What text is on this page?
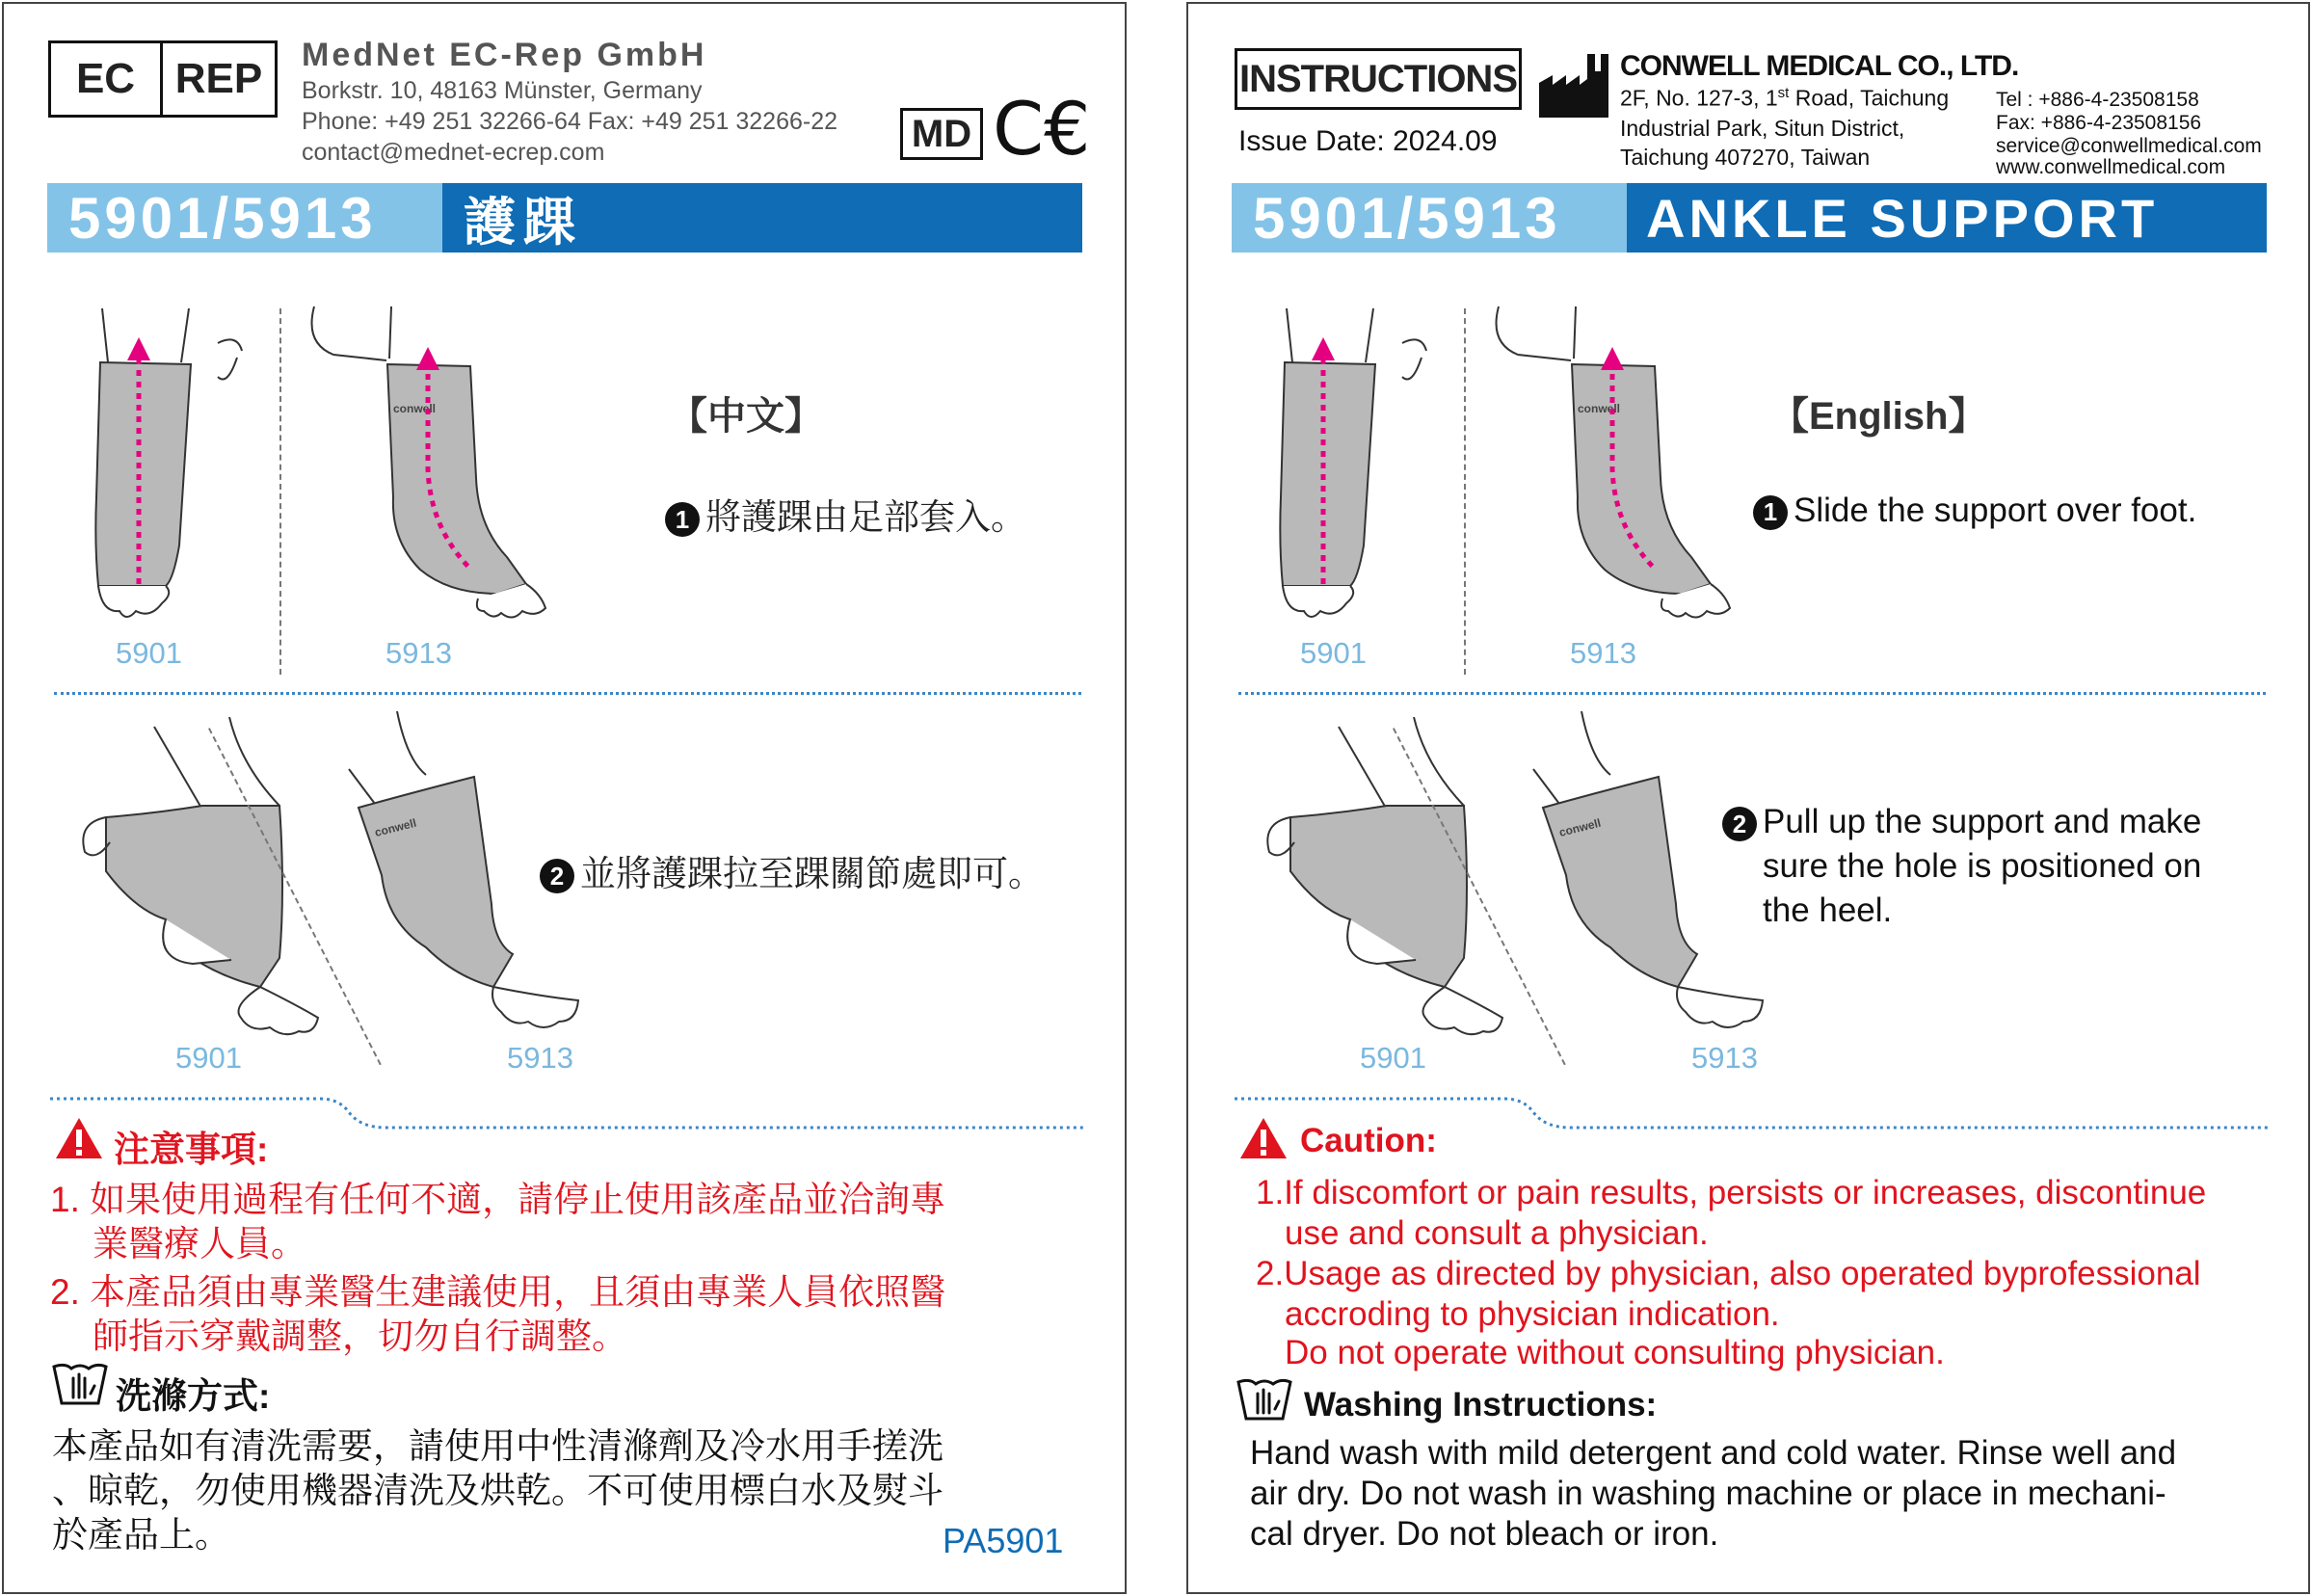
EC REP	MedNet EC-Rep GmbH
Borkstr. 10, 48163 Münster, Germany
Phone: +49 251 32266-64 Fax: +49 251 32266-22
contact@mednet-ecrep.com	MD C€
5901/5913 護踝
conwell
5901	5913
【中文】
1 將護踝由足部套入。
conwell
5901	5913
2 並將護踝拉至踝關節處即可。
注意事項:
1. 如果使用過程有任何不適，請停止使用該產品並洽詢專
業醫療人員。
2. 本產品須由專業醫生建議使用，且須由專業人員依照醫
師指示穿戴調整，切勿自行調整。
洗滌方式:
本產品如有清洗需要，請使用中性清滌劑及冷水用手搓洗
、晾乾，勿使用機器清洗及烘乾。不可使用標白水及熨斗
於產品上。	PA5901
INSTRUCTIONS
Issue Date: 2024.09
CONWELL MEDICAL CO., LTD.
2F, No. 127-3, 1st Road, Taichung
Industrial Park, Situn District,
Taichung 407270, Taiwan
Tel : +886-4-23508158
Fax: +886-4-23508156
service@conwellmedical.com
www.conwellmedical.com
5901/5913 ANKLE SUPPORT
conwell
5901	5913
【English】
1 Slide the support over foot.
conwell
5901	5913
2 Pull up the support and make
sure the hole is positioned on
the heel.
Caution:
1.If discomfort or pain results, persists or increases, discontinue
use and consult a physician.
2.Usage as directed by physician, also operated byprofessional
accroding to physician indication.
Do not operate without consulting physician.
Washing Instructions:
Hand wash with mild detergent and cold water. Rinse well and
air dry. Do not wash in washing machine or place in mechani-
cal dryer. Do not bleach or iron.
